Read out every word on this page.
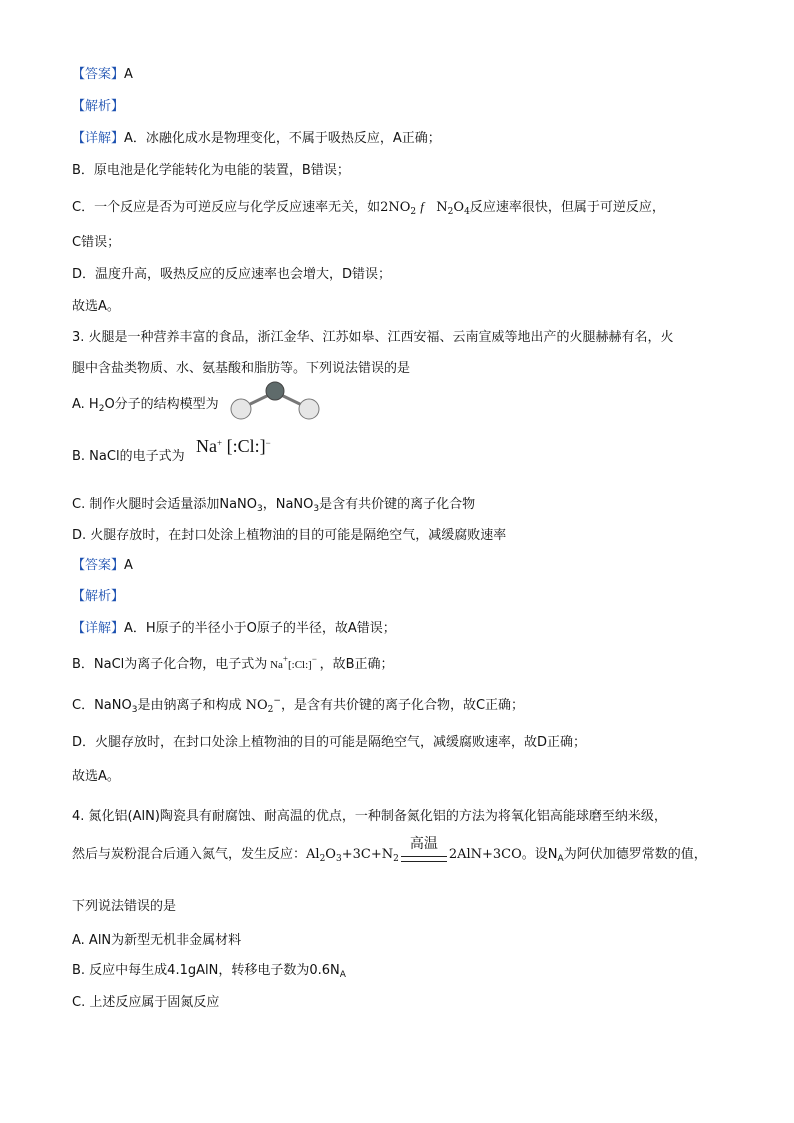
【答案】A
【解析】
【详解】A．冰融化成水是物理变化，不属于吸热反应，A正确；
B．原电池是化学能转化为电能的装置，B错误；
C．一个反应是否为可逆反应与化学反应速率无关，如$2NO_2$ f $N_2O_4$反应速率很快，但属于可逆反应，
C错误；
D．温度升高，吸热反应的反应速率也会增大，D错误；
故选A。
3. 火腿是一种营养丰富的食品，浙江金华、江苏如皋、江西安福、云南宣威等地出产的火腿赫赫有名，火
腿中含盐类物质、水、氨基酸和脂肪等。下列说法错误的是
A. $H_2O$分子的结构模型为
B. NaCl的电子式为
Na+ [:Cl:]−
C. 制作火腿时会适量添加NaNO$_3$，NaNO$_3$是含有共价键的离子化合物
D. 火腿存放时，在封口处涂上植物油的目的可能是隔绝空气，减缓腐败速率
【答案】A
【解析】
【详解】A．H原子的半径小于O原子的半径，故A错误；
B．NaCl为离子化合物，电子式为 Na+[:Cl:]− ，故B正确；
C．NaNO$_3$是由钠离子和构成 $NO_2^-$，是含有共价键的离子化合物，故C正确；
D．火腿存放时，在封口处涂上植物油的目的可能是隔绝空气，减缓腐败速率，故D正确；
故选A。
4. 氮化铝(AlN)陶瓷具有耐腐蚀、耐高温的优点，一种制备氮化铝的方法为将氧化铝高能球磨至纳米级，
然后与炭粉混合后通入氮气，发生反应：$Al_2O_3+3C+N_2$
高温
2AlN+3CO。设$N_A$为阿伏加德罗常数的值，
下列说法错误的是
A. AlN为新型无机非金属材料
B. 反应中每生成4.1gAlN，转移电子数为$0.6N_A$
C. 上述反应属于固氮反应
